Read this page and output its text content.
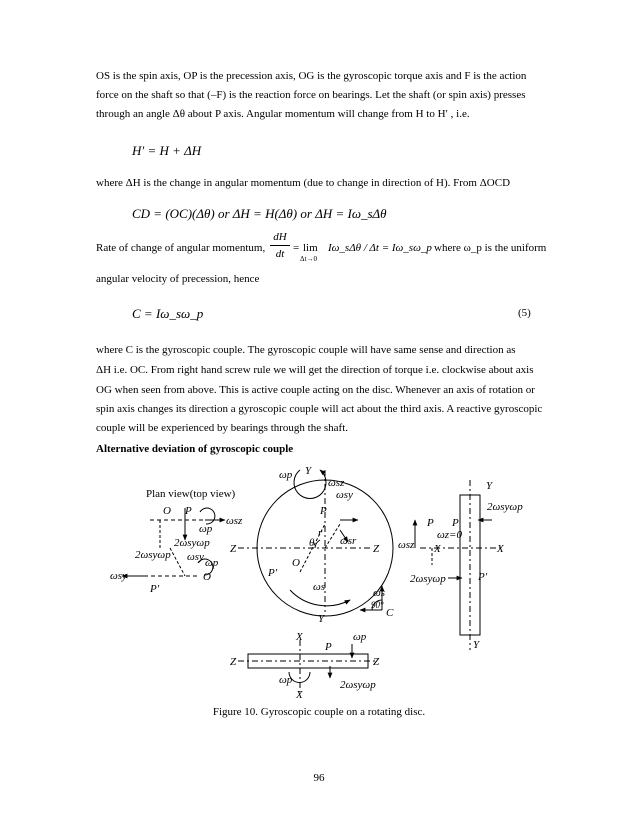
OS is the spin axis, OP is the precession axis, OG is the gyroscopic torque axis and F is the action
force on the shaft so that (–F) is the reaction force on bearings. Let the shaft (or spin axis) presses
through an angle Δθ about P axis. Angular momentum will change from H to H′ , i.e.
H′ = H + ΔH
where ΔH is the change in angular momentum (due to change in direction of H). From ΔOCD
CD = (OC)(Δθ) or ΔH = H(Δθ) or ΔH = Iω_sΔθ
Rate of change of angular momentum,
dH
dt = lim
Δt→0
Iω_sΔθ / Δt = Iω_sω_p where ω_p is the uniform
angular velocity of precession, hence
C = Iω_sω_p	(5)
where C is the gyroscopic couple. The gyroscopic couple will have same sense and direction as
ΔH i.e. OC. From right hand screw rule we will get the direction of torque i.e. clockwise about axis
OG when seen from above. This is active couple acting on the disc. Whenever an axis of rotation or
spin axis changes its direction a gyroscopic couple will act about the third axis. A reactive gyroscopic
couple will be experienced by bearings through the shaft.
Alternative deviation of gyroscopic couple
Plan view(top view)
O P
ωp
ωsz
2ωsyωp
2ωsyωp ωsy ωp
ωsy	O
P′
Z
ωp Y
ωsz
ωsy
P
r
θ ωsr
Z
O
P′
ωs
Y
ωs
90°
C
Y
2ωsyωp
P P
ωz=0
ωsz X	X
P′
2ωsyωp
Y
X	ωp
P
Z	Z
ωp	2ωsyωp
X
Figure 10. Gyroscopic couple on a rotating disc.
96
